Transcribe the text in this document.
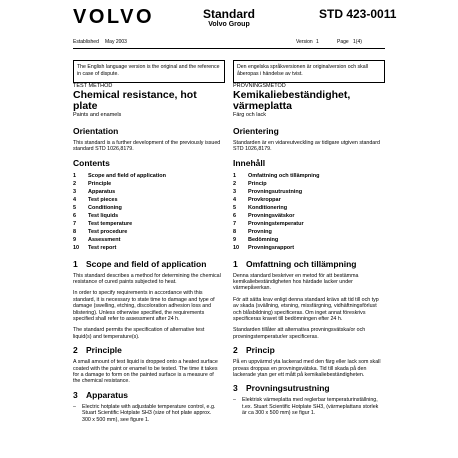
VOLVO	Standard
Volvo Group
STD 423-0011
Established May 2003	Version 1	Page 1(4)
The English language version is the original and the reference in case of dispute.
Den engelska språkversionen är originalversion och skall åberopas i händelse av tvist.
TEST METHOD
Chemical resistance, hot plate
Paints and enamels
Orientation

This standard is a further development of the previously issued standard STD 1026,8179.

Contents
1	Scope and field of application
2	Principle
3	Apparatus
4	Test pieces
5	Conditioning
6	Test liquids
7	Test temperature
8	Test procedure
9	Assessment
10	Test report
1 Scope and field of application

This standard describes a method for determining the chemical resistance of cured paints subjected to heat.

In order to specify requirements in accordance with this standard, it is necessary to state time to damage and type of damage (swelling, etching, discoloration adhesion loss and blistering). Unless otherwise specified, the requirements specified shall refer to assessment after 24 h.

The standard permits the specification of alternative test liquid(s) and temperature(s).

2 Principle

A small amount of test liquid is dropped onto a heated surface coated with the paint or enamel to be tested. The time it takes for a damage to form on the painted surface is a measure of the chemical resistance.

3 Apparatus
–	Electric hotplate with adjustable temperature control, e.g. Stuart Scientific Hotplate SH3 (size of hot plate approx. 300 x 500 mm), see figure 1.
PROVNINGSMETOD
Kemikaliebeständighet, värmeplatta
Färg och lack
Orientering

Standarden är en vidareutveckling av tidigare utgiven standard STD 1026,8179.

Innehåll
1	Omfattning och tillämpning
2	Princip
3	Provningsutrustning
4	Provkroppar
5	Konditionering
6	Provningsvätskor
7	Provningstemperatur
8	Provning
9	Bedömning
10	Provningsrapport
1 Omfattning och tillämpning

Denna standard beskriver en metod för att bestämma kemikaliebeständigheten hos härdade lacker under värmepåverkan.

För att sätta krav enligt denna standard krävs att tid till och typ av skada (svällning, etsning, missfärgning, vidhäftningsförlust och blåsbildning) specificeras. Om inget annat föreskrivs specificeras kravet till bedömningen efter 24 h.

Standarden tillåter att alternativa provningsvätska/or och provningstemperatur/er specificeras.

2 Princip

På en uppvärmd yta lackerad med den färg eller lack som skall provas droppas en provningsvätska. Tid till skada på den lackerade ytan ger ett mått på kemikaliebeständigheten.

3 Provningsutrustning
–	Elektrisk värmeplatta med reglerbar temperaturinställning, t.ex. Stuart Scientific Hotplate SH3, (värmeplattans storlek är ca 300 x 500 mm) se figur 1.
